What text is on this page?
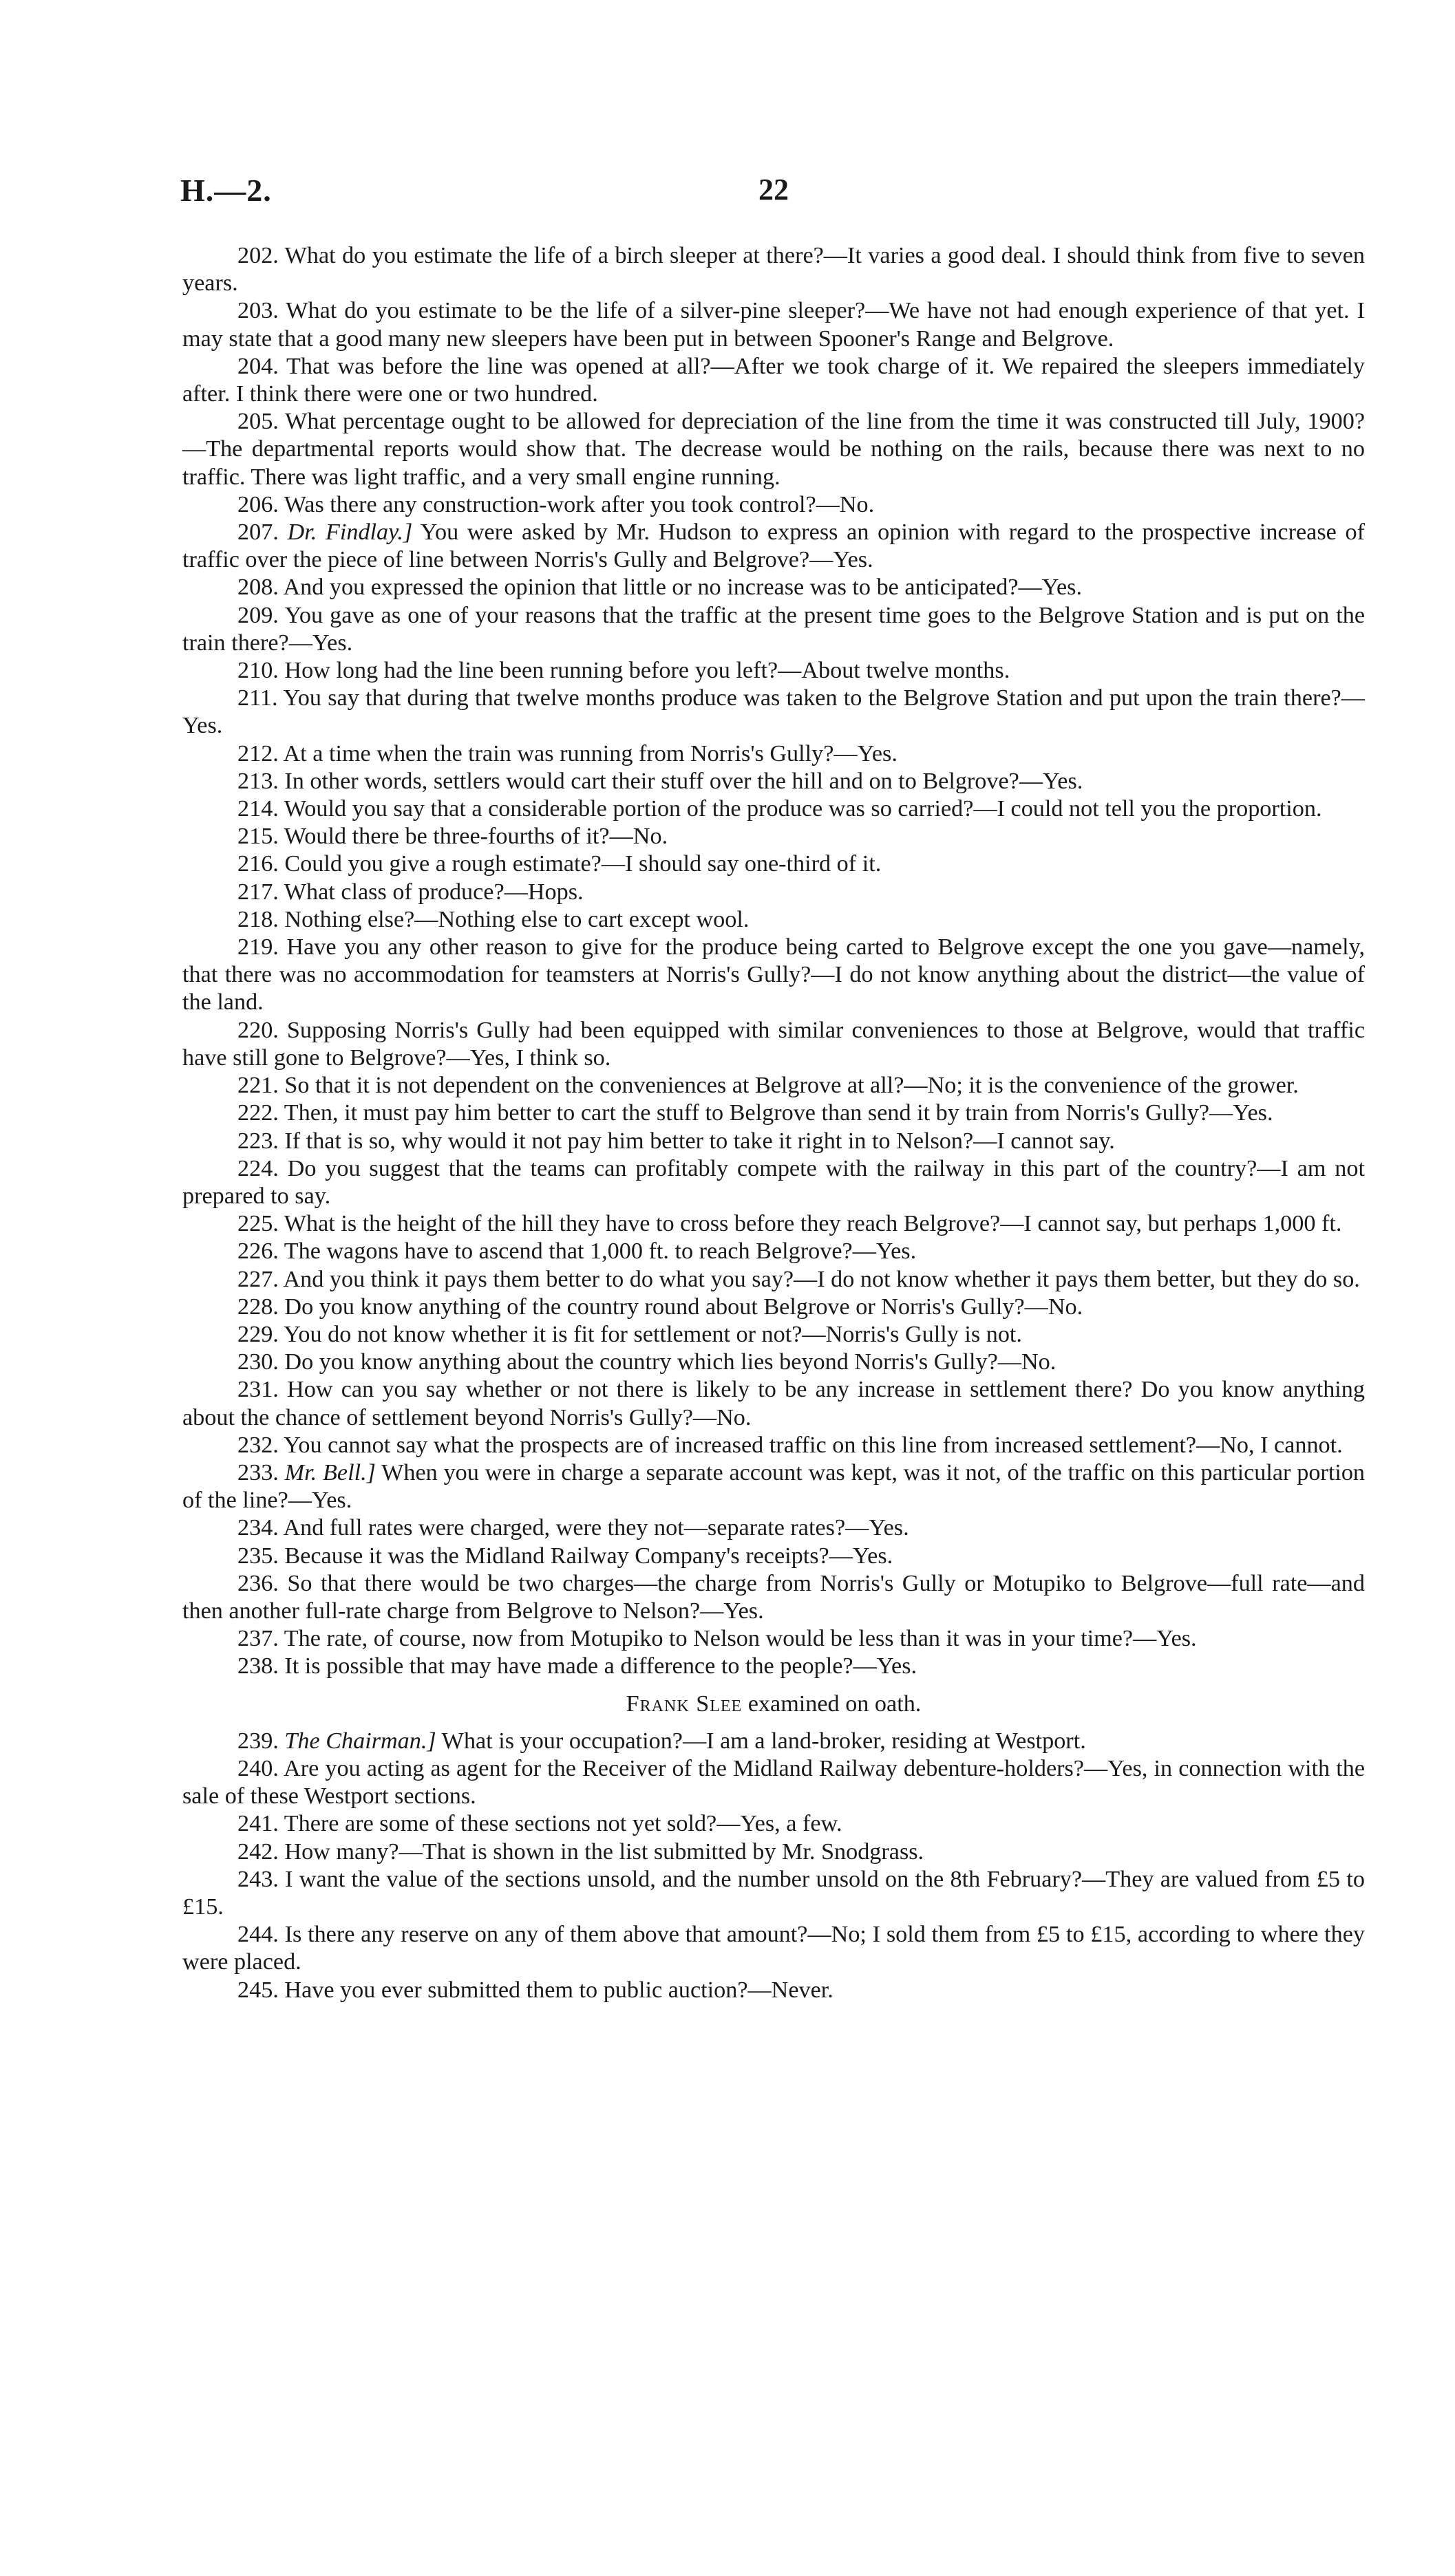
H.—2.	22

202. What do you estimate the life of a birch sleeper at there?—It varies a good deal. I should think from five to seven years.

203. What do you estimate to be the life of a silver-pine sleeper?—We have not had enough experience of that yet. I may state that a good many new sleepers have been put in between Spooner's Range and Belgrove.

204. That was before the line was opened at all?—After we took charge of it. We repaired the sleepers immediately after. I think there were one or two hundred.

205. What percentage ought to be allowed for depreciation of the line from the time it was constructed till July, 1900?—The departmental reports would show that. The decrease would be nothing on the rails, because there was next to no traffic. There was light traffic, and a very small engine running.

206. Was there any construction-work after you took control?—No.

207. Dr. Findlay.] You were asked by Mr. Hudson to express an opinion with regard to the prospective increase of traffic over the piece of line between Norris's Gully and Belgrove?—Yes.

208. And you expressed the opinion that little or no increase was to be anticipated?—Yes.

209. You gave as one of your reasons that the traffic at the present time goes to the Belgrove Station and is put on the train there?—Yes.

210. How long had the line been running before you left?—About twelve months.

211. You say that during that twelve months produce was taken to the Belgrove Station and put upon the train there?—Yes.

212. At a time when the train was running from Norris's Gully?—Yes.

213. In other words, settlers would cart their stuff over the hill and on to Belgrove?—Yes.

214. Would you say that a considerable portion of the produce was so carried?—I could not tell you the proportion.

215. Would there be three-fourths of it?—No.

216. Could you give a rough estimate?—I should say one-third of it.

217. What class of produce?—Hops.

218. Nothing else?—Nothing else to cart except wool.

219. Have you any other reason to give for the produce being carted to Belgrove except the one you gave—namely, that there was no accommodation for teamsters at Norris's Gully?—I do not know anything about the district—the value of the land.

220. Supposing Norris's Gully had been equipped with similar conveniences to those at Belgrove, would that traffic have still gone to Belgrove?—Yes, I think so.

221. So that it is not dependent on the conveniences at Belgrove at all?—No; it is the convenience of the grower.

222. Then, it must pay him better to cart the stuff to Belgrove than send it by train from Norris's Gully?—Yes.

223. If that is so, why would it not pay him better to take it right in to Nelson?—I cannot say.

224. Do you suggest that the teams can profitably compete with the railway in this part of the country?—I am not prepared to say.

225. What is the height of the hill they have to cross before they reach Belgrove?—I cannot say, but perhaps 1,000 ft.

226. The wagons have to ascend that 1,000 ft. to reach Belgrove?—Yes.

227. And you think it pays them better to do what you say?—I do not know whether it pays them better, but they do so.

228. Do you know anything of the country round about Belgrove or Norris's Gully?—No.

229. You do not know whether it is fit for settlement or not?—Norris's Gully is not.

230. Do you know anything about the country which lies beyond Norris's Gully?—No.

231. How can you say whether or not there is likely to be any increase in settlement there? Do you know anything about the chance of settlement beyond Norris's Gully?—No.

232. You cannot say what the prospects are of increased traffic on this line from increased settlement?—No, I cannot.

233. Mr. Bell.] When you were in charge a separate account was kept, was it not, of the traffic on this particular portion of the line?—Yes.

234. And full rates were charged, were they not—separate rates?—Yes.

235. Because it was the Midland Railway Company's receipts?—Yes.

236. So that there would be two charges—the charge from Norris's Gully or Motupiko to Belgrove—full rate—and then another full-rate charge from Belgrove to Nelson?—Yes.

237. The rate, of course, now from Motupiko to Nelson would be less than it was in your time?—Yes.

238. It is possible that may have made a difference to the people?—Yes.

Frank Slee examined on oath.

239. The Chairman.] What is your occupation?—I am a land-broker, residing at Westport.

240. Are you acting as agent for the Receiver of the Midland Railway debenture-holders?—Yes, in connection with the sale of these Westport sections.

241. There are some of these sections not yet sold?—Yes, a few.

242. How many?—That is shown in the list submitted by Mr. Snodgrass.

243. I want the value of the sections unsold, and the number unsold on the 8th February?—They are valued from £5 to £15.

244. Is there any reserve on any of them above that amount?—No; I sold them from £5 to £15, according to where they were placed.

245. Have you ever submitted them to public auction?—Never.
